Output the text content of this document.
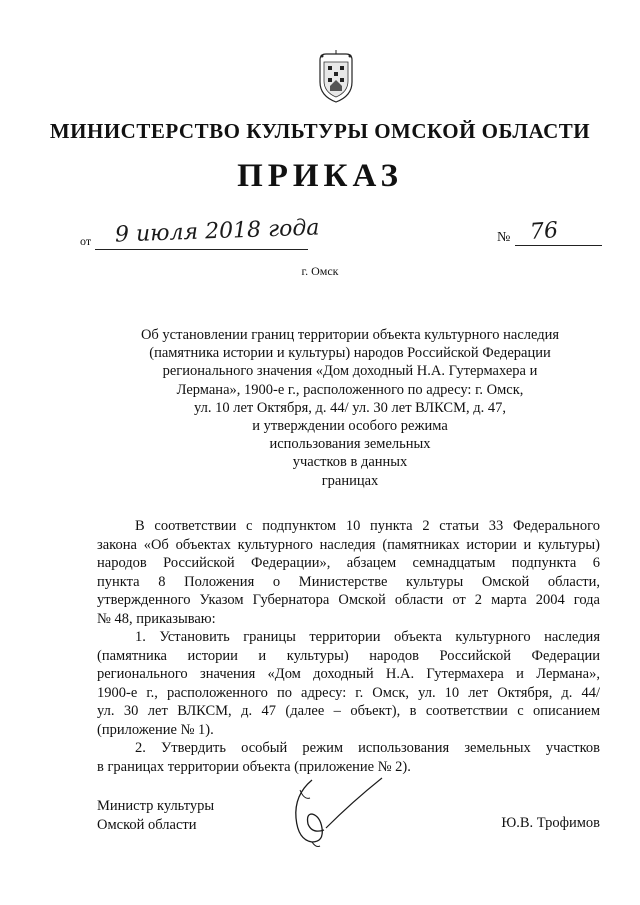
МИНИСТЕРСТВО КУЛЬТУРЫ ОМСКОЙ ОБЛАСТИ
ПРИКАЗ
от 9 июля 2018 года	№ 76
г. Омск
Об установлении границ территории объекта культурного наследия
(памятника истории и культуры) народов Российской Федерации
регионального значения «Дом доходный Н.А. Гутермахера и
Лермана», 1900-е г., расположенного по адресу: г. Омск,
ул. 10 лет Октября, д. 44/ ул. 30 лет ВЛКСМ, д. 47,
и утверждении особого режима
использования земельных
участков в данных
границах
В соответствии с подпунктом 10 пункта 2 статьи 33 Федерального
закона «Об объектах культурного наследия (памятниках истории и культуры)
народов Российской Федерации», абзацем семнадцатым подпункта 6
пункта 8 Положения о Министерстве культуры Омской области,
утвержденного Указом Губернатора Омской области от 2 марта 2004 года
№ 48, приказываю:
1. Установить границы территории объекта культурного наследия
(памятника истории и культуры) народов Российской Федерации
регионального значения «Дом доходный Н.А. Гутермахера и Лермана»,
1900-е г., расположенного по адресу: г. Омск, ул. 10 лет Октября, д. 44/
ул. 30 лет ВЛКСМ, д. 47 (далее – объект), в соответствии с описанием
(приложение № 1).
2. Утвердить особый режим использования земельных участков
в границах территории объекта (приложение № 2).
Министр культуры
Омской области	Ю.В. Трофимов
